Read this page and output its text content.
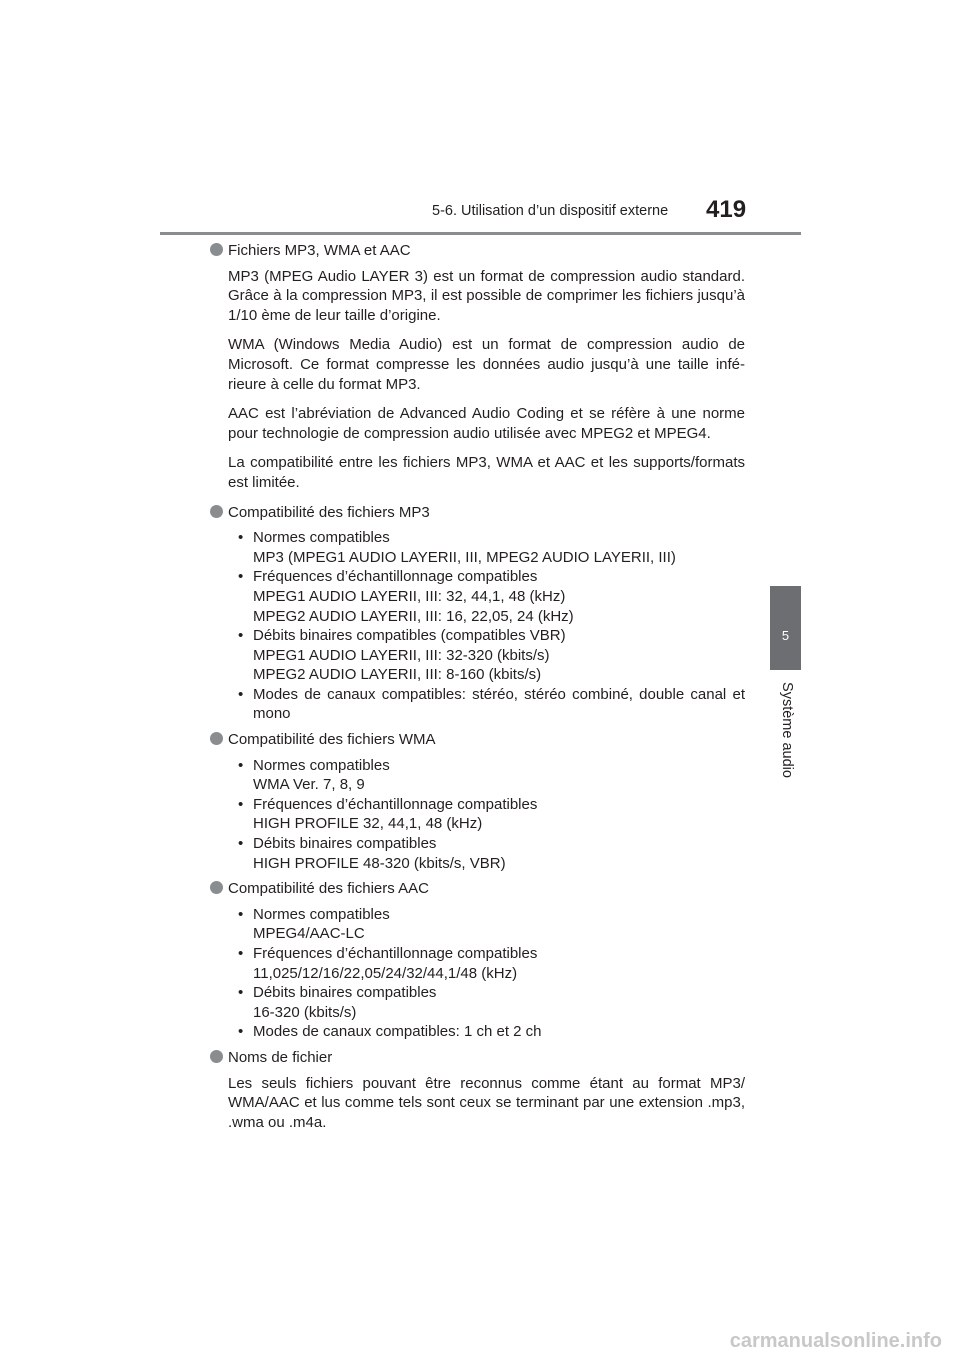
5-6. Utilisation d’un dispositif externe 419
5
Système audio

Fichiers MP3, WMA et AAC

MP3 (MPEG Audio LAYER 3) est un format de compression audio standard. Grâce à la compression MP3, il est possible de comprimer les fichiers jusqu’à 1/10 ème de leur taille d’origine.

WMA (Windows Media Audio) est un format de compression audio de Microsoft. Ce format compresse les données audio jusqu’à une taille infé- rieure à celle du format MP3.

AAC est l’abréviation de Advanced Audio Coding et se réfère à une norme pour technologie de compression audio utilisée avec MPEG2 et MPEG4.

La compatibilité entre les fichiers MP3, WMA et AAC et les supports/formats est limitée.

Compatibilité des fichiers MP3

• Normes compatibles
MP3 (MPEG1 AUDIO LAYERII, III, MPEG2 AUDIO LAYERII, III)
• Fréquences d’échantillonnage compatibles
MPEG1 AUDIO LAYERII, III: 32, 44,1, 48 (kHz)
MPEG2 AUDIO LAYERII, III: 16, 22,05, 24 (kHz)
• Débits binaires compatibles (compatibles VBR)
MPEG1 AUDIO LAYERII, III: 32-320 (kbits/s)
MPEG2 AUDIO LAYERII, III: 8-160 (kbits/s)
• Modes de canaux compatibles: stéréo, stéréo combiné, double canal et mono

Compatibilité des fichiers WMA

• Normes compatibles
WMA Ver. 7, 8, 9
• Fréquences d’échantillonnage compatibles
HIGH PROFILE 32, 44,1, 48 (kHz)
• Débits binaires compatibles
HIGH PROFILE 48-320 (kbits/s, VBR)

Compatibilité des fichiers AAC

• Normes compatibles
MPEG4/AAC-LC
• Fréquences d’échantillonnage compatibles
11,025/12/16/22,05/24/32/44,1/48 (kHz)
• Débits binaires compatibles
16-320 (kbits/s)
• Modes de canaux compatibles: 1 ch et 2 ch

Noms de fichier

Les seuls fichiers pouvant être reconnus comme étant au format MP3/ WMA/AAC et lus comme tels sont ceux se terminant par une extension .mp3, .wma ou .m4a.

carmanualsonline.info
